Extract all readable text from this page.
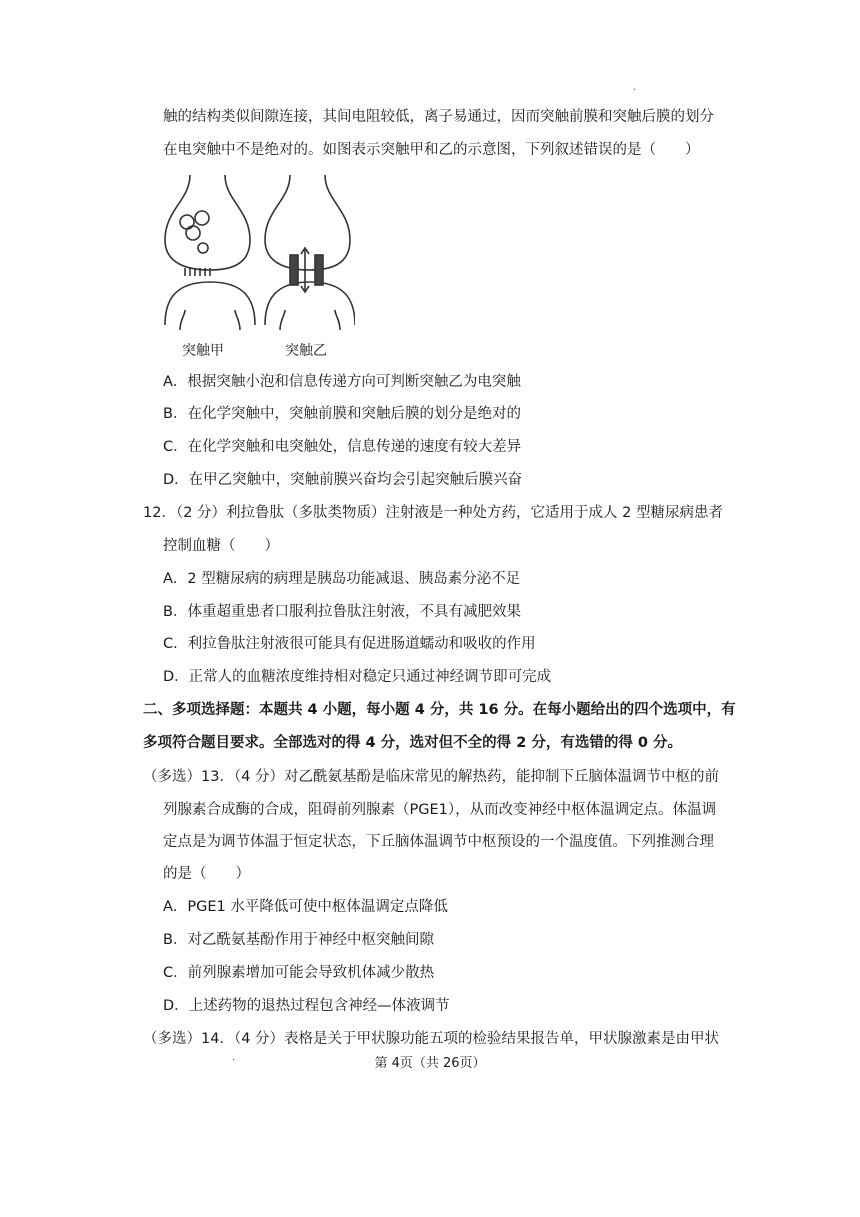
.
触的结构类似间隙连接，其间电阻较低，离子易通过，因而突触前膜和突触后膜的划分
在电突触中不是绝对的。如图表示突触甲和乙的示意图，下列叙述错误的是（　　）
突触甲	突触乙
A．根据突触小泡和信息传递方向可判断突触乙为电突触
B．在化学突触中，突触前膜和突触后膜的划分是绝对的
C．在化学突触和电突触处，信息传递的速度有较大差异
D．在甲乙突触中，突触前膜兴奋均会引起突触后膜兴奋
12．（2 分）利拉鲁肽（多肽类物质）注射液是一种处方药，它适用于成人 2 型糖尿病患者
控制血糖（　　）
A．2 型糖尿病的病理是胰岛功能减退、胰岛素分泌不足
B．体重超重患者口服利拉鲁肽注射液，不具有减肥效果
C．利拉鲁肽注射液很可能具有促进肠道蠕动和吸收的作用
D．正常人的血糖浓度维持相对稳定只通过神经调节即可完成
二、多项选择题：本题共 4 小题，每小题 4 分，共 16 分。在每小题给出的四个选项中，有
多项符合题目要求。全部选对的得 4 分，选对但不全的得 2 分，有选错的得 0 分。
（多选）13．（4 分）对乙酰氨基酚是临床常见的解热药，能抑制下丘脑体温调节中枢的前
列腺素合成酶的合成，阻碍前列腺素（PGE1），从而改变神经中枢体温调定点。体温调
定点是为调节体温于恒定状态，下丘脑体温调节中枢预设的一个温度值。下列推测合理
的是（　　）
A．PGE1 水平降低可使中枢体温调定点降低
B．对乙酰氨基酚作用于神经中枢突触间隙
C．前列腺素增加可能会导致机体减少散热
D．上述药物的退热过程包含神经—体液调节
（多选）14．（4 分）表格是关于甲状腺功能五项的检验结果报告单，甲状腺激素是由甲状
.	第 4页（共 26页）
